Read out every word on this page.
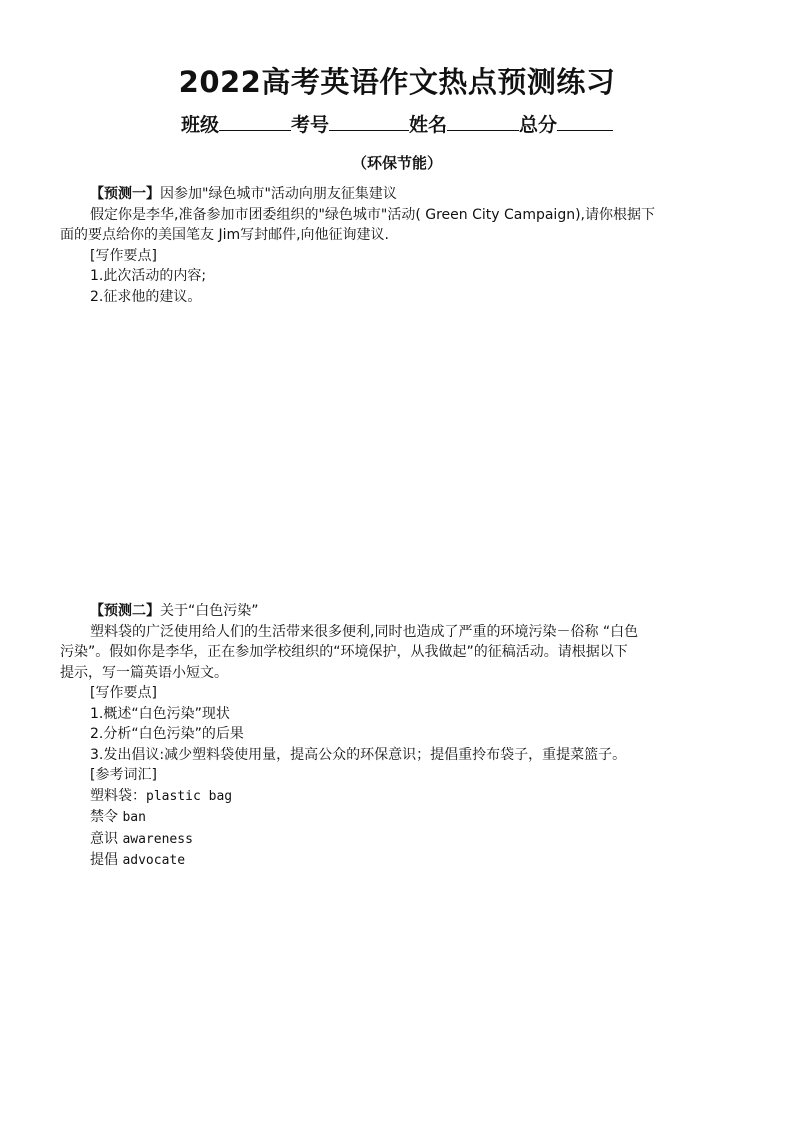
2022高考英语作文热点预测练习
班级	考号	姓名	总分
（环保节能）
【预测一】因参加"绿色城市"活动向朋友征集建议
假定你是李华,准备参加市团委组织的"绿色城市"活动( Green City Campaign),请你根据下
面的要点给你的美国笔友 Jim写封邮件,向他征询建议.
[写作要点]
1.此次活动的内容;
2.征求他的建议。
【预测二】关于“白色污染”
塑料袋的广泛使用给人们的生活带来很多便利,同时也造成了严重的环境污染－俗称 “白色
污染”。假如你是李华，正在参加学校组织的“环境保护，从我做起”的征稿活动。请根据以下
提示，写一篇英语小短文。
[写作要点]
1.概述“白色污染”现状
2.分析“白色污染”的后果
3.发出倡议:减少塑料袋使用量，提高公众的环保意识；提倡重拎布袋子，重提菜篮子。
[参考词汇]
塑料袋：plastic bag
禁令 ban
意识 awareness
提倡 advocate
